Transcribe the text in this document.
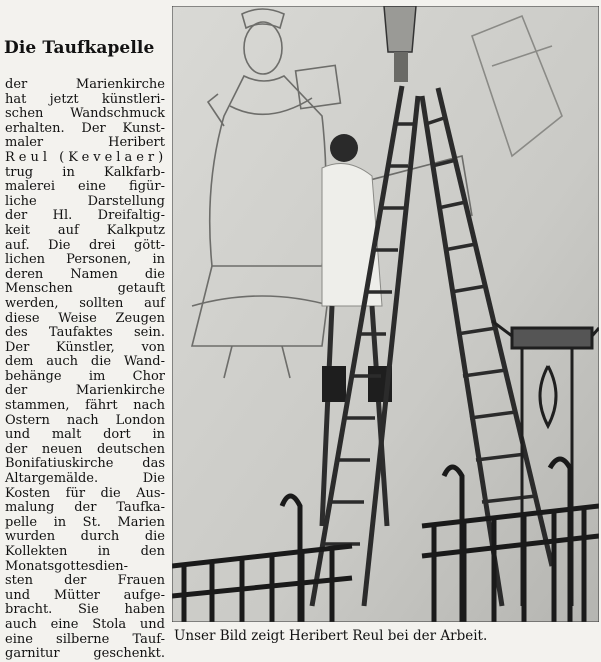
Die Taufkapelle
der Marienkirche
hat jetzt künstleri-
schen Wandschmuck
erhalten. Der Kunst-
maler Heribert
Reul (Kevelaer)
trug in Kalkfarb-
malerei eine figür-
liche Darstellung
der Hl. Dreifaltig-
keit auf Kalkputz
auf. Die drei gött-
lichen Personen, in
deren Namen die
Menschen getauft
werden, sollten auf
diese Weise Zeugen
des Taufaktes sein.
Der Künstler, von
dem auch die Wand-
behänge im Chor
der Marienkirche
stammen, fährt nach
Ostern nach London
und malt dort in
der neuen deutschen
Bonifatiuskirche das
Altargemälde. Die
Kosten für die Aus-
malung der Taufka-
pelle in St. Marien
wurden durch die
Kollekten in den
Monatsgottesdien-
sten der Frauen
und Mütter aufge-
bracht. Sie haben
auch eine Stola und
eine silberne Tauf-
garnitur geschenkt.

Unser Bild zeigt Heribert Reul bei der Arbeit.
